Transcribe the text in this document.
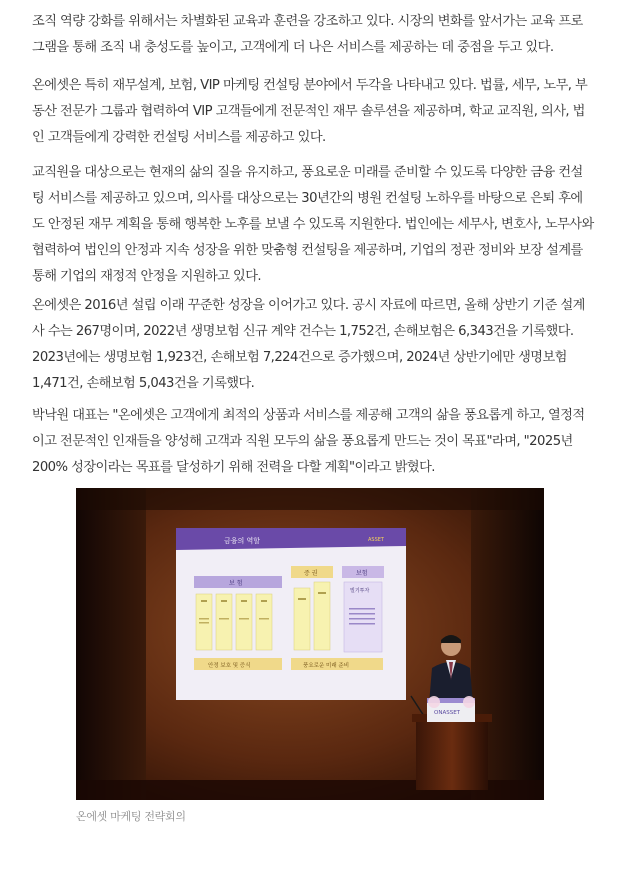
조직 역량 강화를 위해서는 차별화된 교육과 훈련을 강조하고 있다. 시장의 변화를 앞서가는 교육 프로그램을 통해 조직 내 충성도를 높이고, 고객에게 더 나은 서비스를 제공하는 데 중점을 두고 있다.

온에셋은 특히 재무설계, 보험, VIP 마케팅 컨설팅 분야에서 두각을 나타내고 있다. 법률, 세무, 노무, 부동산 전문가 그룹과 협력하여 VIP 고객들에게 전문적인 재무 솔루션을 제공하며, 학교 교직원, 의사, 법인 고객들에게 강력한 컨설팅 서비스를 제공하고 있다.

교직원을 대상으로는 현재의 삶의 질을 유지하고, 풍요로운 미래를 준비할 수 있도록 다양한 금융 컨설팅 서비스를 제공하고 있으며, 의사를 대상으로는 30년간의 병원 컨설팅 노하우를 바탕으로 은퇴 후에도 안정된 재무 계획을 통해 행복한 노후를 보낼 수 있도록 지원한다. 법인에는 세무사, 변호사, 노무사와 협력하여 법인의 안정과 지속 성장을 위한 맞춤형 컨설팅을 제공하며, 기업의 정관 정비와 보장 설계를 통해 기업의 재정적 안정을 지원하고 있다.

온에셋은 2016년 설립 이래 꾸준한 성장을 이어가고 있다. 공시 자료에 따르면, 올해 상반기 기준 설계사 수는 267명이며, 2022년 생명보험 신규 계약 건수는 1,752건, 손해보험은 6,343건을 기록했다. 2023년에는 생명보험 1,923건, 손해보험 7,224건으로 증가했으며, 2024년 상반기에만 생명보험 1,471건, 손해보험 5,043건을 기록했다.

박낙원 대표는 "온에셋은 고객에게 최적의 상품과 서비스를 제공해 고객의 삶을 풍요롭게 하고, 열정적이고 전문적인 인재들을 양성해 고객과 직원 모두의 삶을 풍요롭게 만드는 것이 목표"라며, "2025년 200% 성장이라는 목표를 달성하기 위해 전력을 다할 계획"이라고 밝혔다.

금융의 역할	ASSET
보 험
증 권	보험
빌기투자
안정 보호 및 증식	풍요로운 미래 준비
ONASSET
온에셋 마케팅 전략회의
